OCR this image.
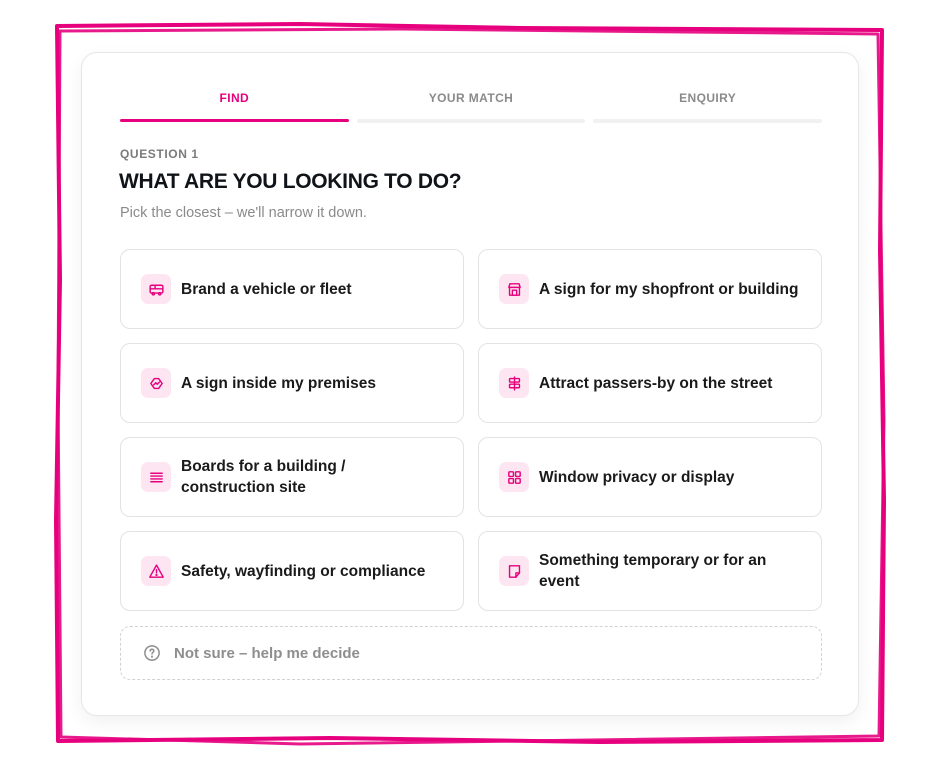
FIND	YOUR MATCH	ENQUIRY
QUESTION 1
WHAT ARE YOU LOOKING TO DO?
Pick the closest – we'll narrow it down.
Brand a vehicle or fleet	A sign for my shopfront or building
A sign inside my premises	Attract passers-by on the street
Boards for a building / construction site
Window privacy or display
Safety, wayfinding or compliance
Something temporary or for an event
Not sure – help me decide
